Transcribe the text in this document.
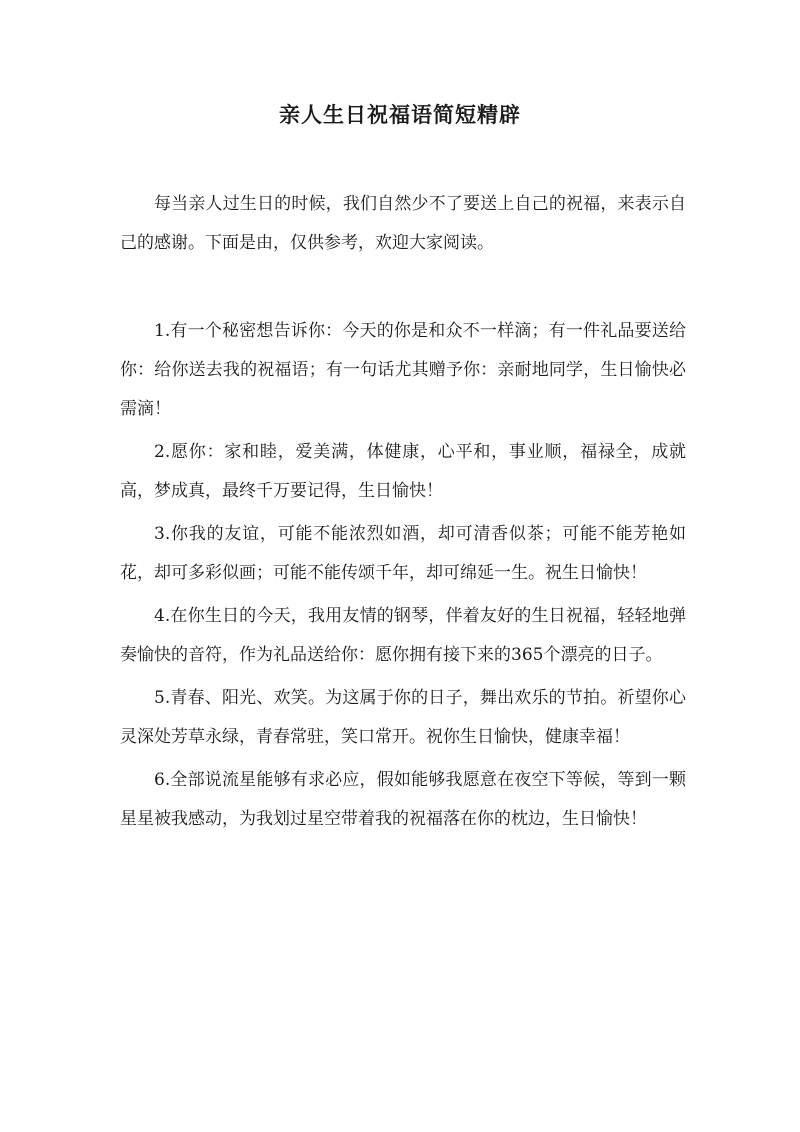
亲人生日祝福语简短精辟

每当亲人过生日的时候，我们自然少不了要送上自己的祝福，来表示自己的感谢。下面是由，仅供参考，欢迎大家阅读。

1.有一个秘密想告诉你：今天的你是和众不一样滴；有一件礼品要送给你：给你送去我的祝福语；有一句话尤其赠予你：亲耐地同学，生日愉快必需滴！

2.愿你：家和睦，爱美满，体健康，心平和，事业顺，福禄全，成就高，梦成真，最终千万要记得，生日愉快！

3.你我的友谊，可能不能浓烈如酒，却可清香似茶；可能不能芳艳如花，却可多彩似画；可能不能传颂千年，却可绵延一生。祝生日愉快！

4.在你生日的今天，我用友情的钢琴，伴着友好的生日祝福，轻轻地弹奏愉快的音符，作为礼品送给你：愿你拥有接下来的365个漂亮的日子。

5.青春、阳光、欢笑。为这属于你的日子，舞出欢乐的节拍。祈望你心灵深处芳草永绿，青春常驻，笑口常开。祝你生日愉快，健康幸福！

6.全部说流星能够有求必应，假如能够我愿意在夜空下等候，等到一颗星星被我感动，为我划过星空带着我的祝福落在你的枕边，生日愉快！
